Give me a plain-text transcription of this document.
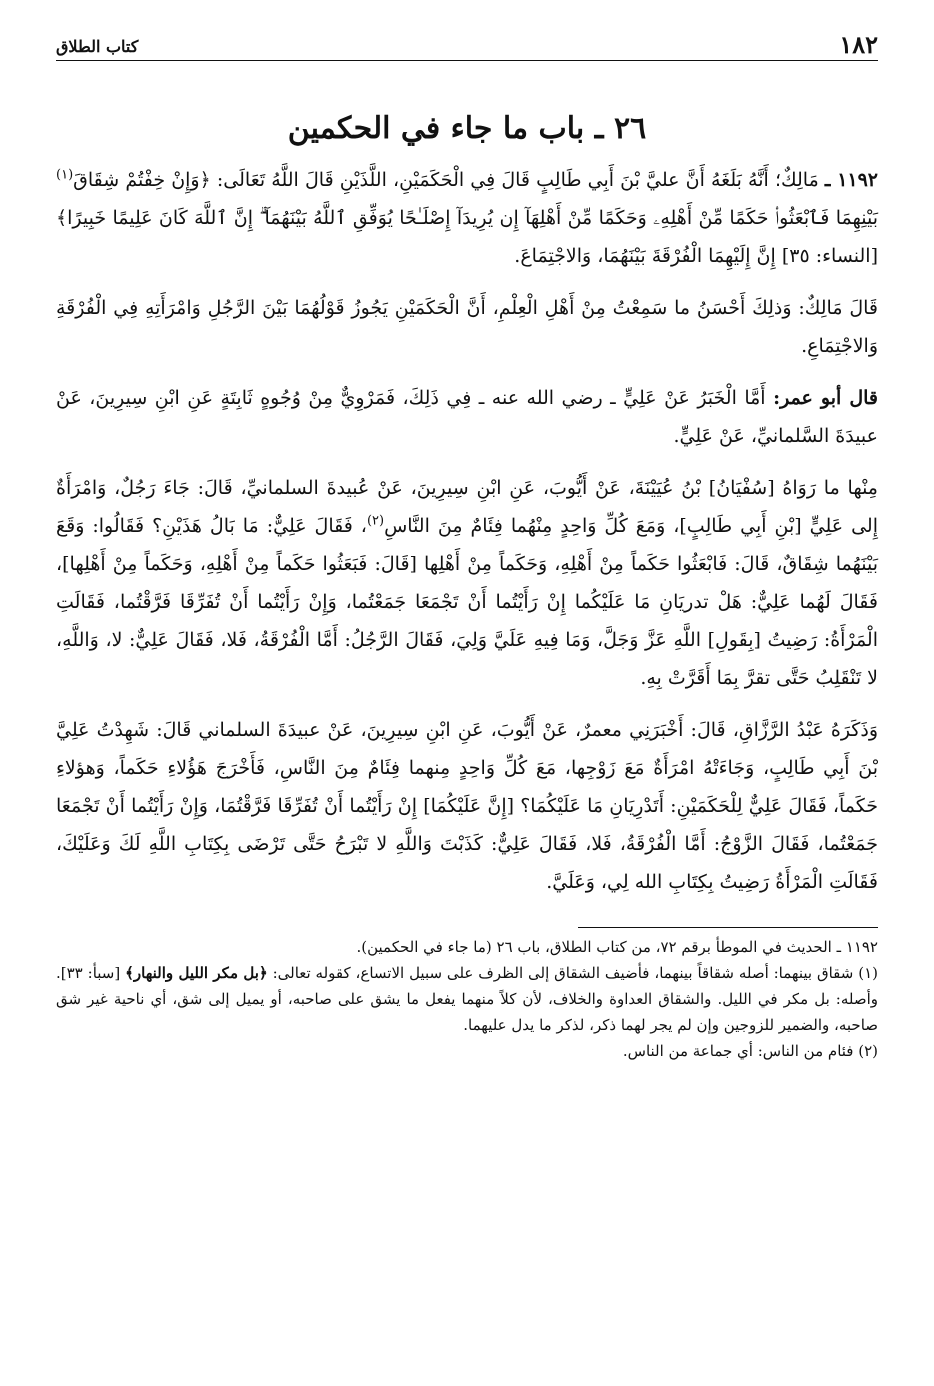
١٨٢
كتاب الطلاق
٢٦ ـ باب ما جاء في الحكمين

١١٩٢ ـ مَالِكٌ؛ أَنَّهُ بَلَغَهُ أَنَّ عليَّ بْنَ أَبِي طَالِبٍ قَالَ فِي الْحَكَمَيْنِ، اللَّذَيْنِ قَالَ اللَّهُ تَعَالَى: ﴿وَإِنْ خِفْتُمْ شِقَاقَ$^{(١)}$ بَيْنِهِمَا فَٱبْعَثُوا۟ حَكَمًا مِّنْ أَهْلِهِۦ وَحَكَمًا مِّنْ أَهْلِهَآ إِن يُرِيدَآ إِصْلَـٰحًا يُوَفِّقِ ٱللَّهُ بَيْنَهُمَآ ۗ إِنَّ ٱللَّهَ كَانَ عَلِيمًا خَبِيرًا﴾ [النساء: ٣٥] إِنَّ إِلَيْهِمَا الْفُرْقَةَ بَيْنَهُمَا، وَالاجْتِمَاعَ.

قَالَ مَالِكٌ: وَذلِكَ أَحْسَنُ ما سَمِعْتُ مِنْ أَهْلِ الْعِلْمِ، أَنَّ الْحَكَمَيْنِ يَجُوزُ قَوْلُهُمَا بَيْنَ الرَّجُلِ وَامْرَأَتِهِ فِي الْفُرْقَةِ وَالاجْتِمَاعِ.

قال أبو عمر: أَمَّا الْخَبَرُ عَنْ عَلِيٍّ ـ رضي الله عنه ـ فِي ذَلِكَ، فَمَرْوِيٌّ مِنْ وُجُوهٍ ثَابِتَةٍ عَنِ ابْنِ سِيرِينَ، عَنْ عبيدَةَ السَّلمانيِّ، عَنْ عَلِيٍّ.

مِنْها ما رَوَاهُ [سُفْيَانُ] بْنُ عُيَيْنَةَ، عَنْ أَيُّوبَ، عَنِ ابْنِ سِيرِينَ، عَنْ عُبيدةَ السلمانيِّ، قَالَ: جَاءَ رَجُلٌ، وَامْرَأَةٌ إِلى عَلِيٍّ [بْنِ أَبِي طَالِبٍ]، وَمَعَ كُلِّ وَاحِدٍ مِنْهُما فِئَامٌ مِنَ النَّاسِ$^{(٢)}$، فَقَالَ عَلِيٌّ: مَا بَالُ هَذَيْنِ؟ فَقَالُوا: وَقَعَ بَيْنَهُما شِقَاقٌ، قَالَ: فَابْعَثُوا حَكَماً مِنْ أَهْلِهِ، وَحَكَماً مِنْ أَهْلِها [قَالَ: فَبَعَثُوا حَكَماً مِنْ أَهْلِهِ، وَحَكَماً مِنْ أَهْلِها]، فَقَالَ لَهُما عَلِيٌّ: هَلْ تدريَانِ مَا عَلَيْكُما إِنْ رَأَيْتُما أَنْ تَجْمَعَا جَمَعْتُما، وَإِنْ رَأَيْتُما أَنْ تُفَرِّقَا فَرَّقْتُما، فَقَالَتِ الْمَرْأَةُ: رَضِيتُ [بِقَولِ] اللَّهِ عَزَّ وَجَلَّ، وَمَا فِيهِ عَلَيَّ وَلِيَ، فَقَالَ الرَّجُلُ: أَمَّا الْفُرْقَةُ، فَلا، فَقَالَ عَلِيٌّ: لا، وَاللَّهِ، لا تَنْقَلِبُ حَتَّى تقرَّ بِمَا أَقَرَّتْ بِهِ.

وَذَكَرَهُ عَبْدُ الرَّزَّاقِ، قَالَ: أَخْبَرَنِي معمرٌ، عَنْ أَيُّوبَ، عَنِ ابْنِ سِيرِينَ، عَنْ عبيدَةَ السلماني قَالَ: شَهِدْتُ عَلِيَّ بْنَ أَبِي طَالِبٍ، وَجَاءَتْهُ امْرَأَةٌ مَعَ زَوْجِها، مَعَ كُلِّ وَاحِدٍ مِنهما فِئَامٌ مِنَ النَّاسِ، فَأَخْرَجَ هَؤُلاءِ حَكَماً، وَهؤلاءِ حَكَماً، فَقَالَ عَلِيٌّ لِلْحَكَمَيْنِ: أَتَدْرِيَانِ مَا عَلَيْكُمَا؟ [إِنَّ عَلَيْكُمَا] إِنْ رَأَيْتُما أَنْ تُفَرِّقَا فَرَّقْتُمَا، وَإِنْ رَأَيْتُما أَنْ تَجْمَعَا جَمَعْتُما، فَقَالَ الزَّوْجُ: أَمَّا الْفُرْقَةُ، فَلا، فَقَالَ عَلِيٌّ: كَذَبْتَ وَاللَّهِ لا تَبْرَحُ حَتَّى تَرْضَى بِكِتَابِ اللَّهِ لَكَ وَعَلَيْكَ، فَقَالَتِ الْمَرْأَةُ رَضِيتُ بِكِتَابِ الله لِي، وَعَلَيَّ.

١١٩٢ ـ الحديث في الموطأ برقم ٧٢، من كتاب الطلاق، باب ٢٦ (ما جاء في الحكمين).

(١) شقاق بينهما: أصله شقاقاً بينهما، فأضيف الشقاق إلى الظرف على سبيل الاتساع، كقوله تعالى: ﴿بل مكر الليل والنهار﴾ [سبأ: ٣٣]. وأصله: بل مكر في الليل. والشقاق العداوة والخلاف، لأن كلاً منهما يفعل ما يشق على صاحبه، أو يميل إلى شق، أي ناحية غير شق صاحبه، والضمير للزوجين وإن لم يجر لهما ذكر، لذكر ما يدل عليهما.

(٢) فئام من الناس: أي جماعة من الناس.
